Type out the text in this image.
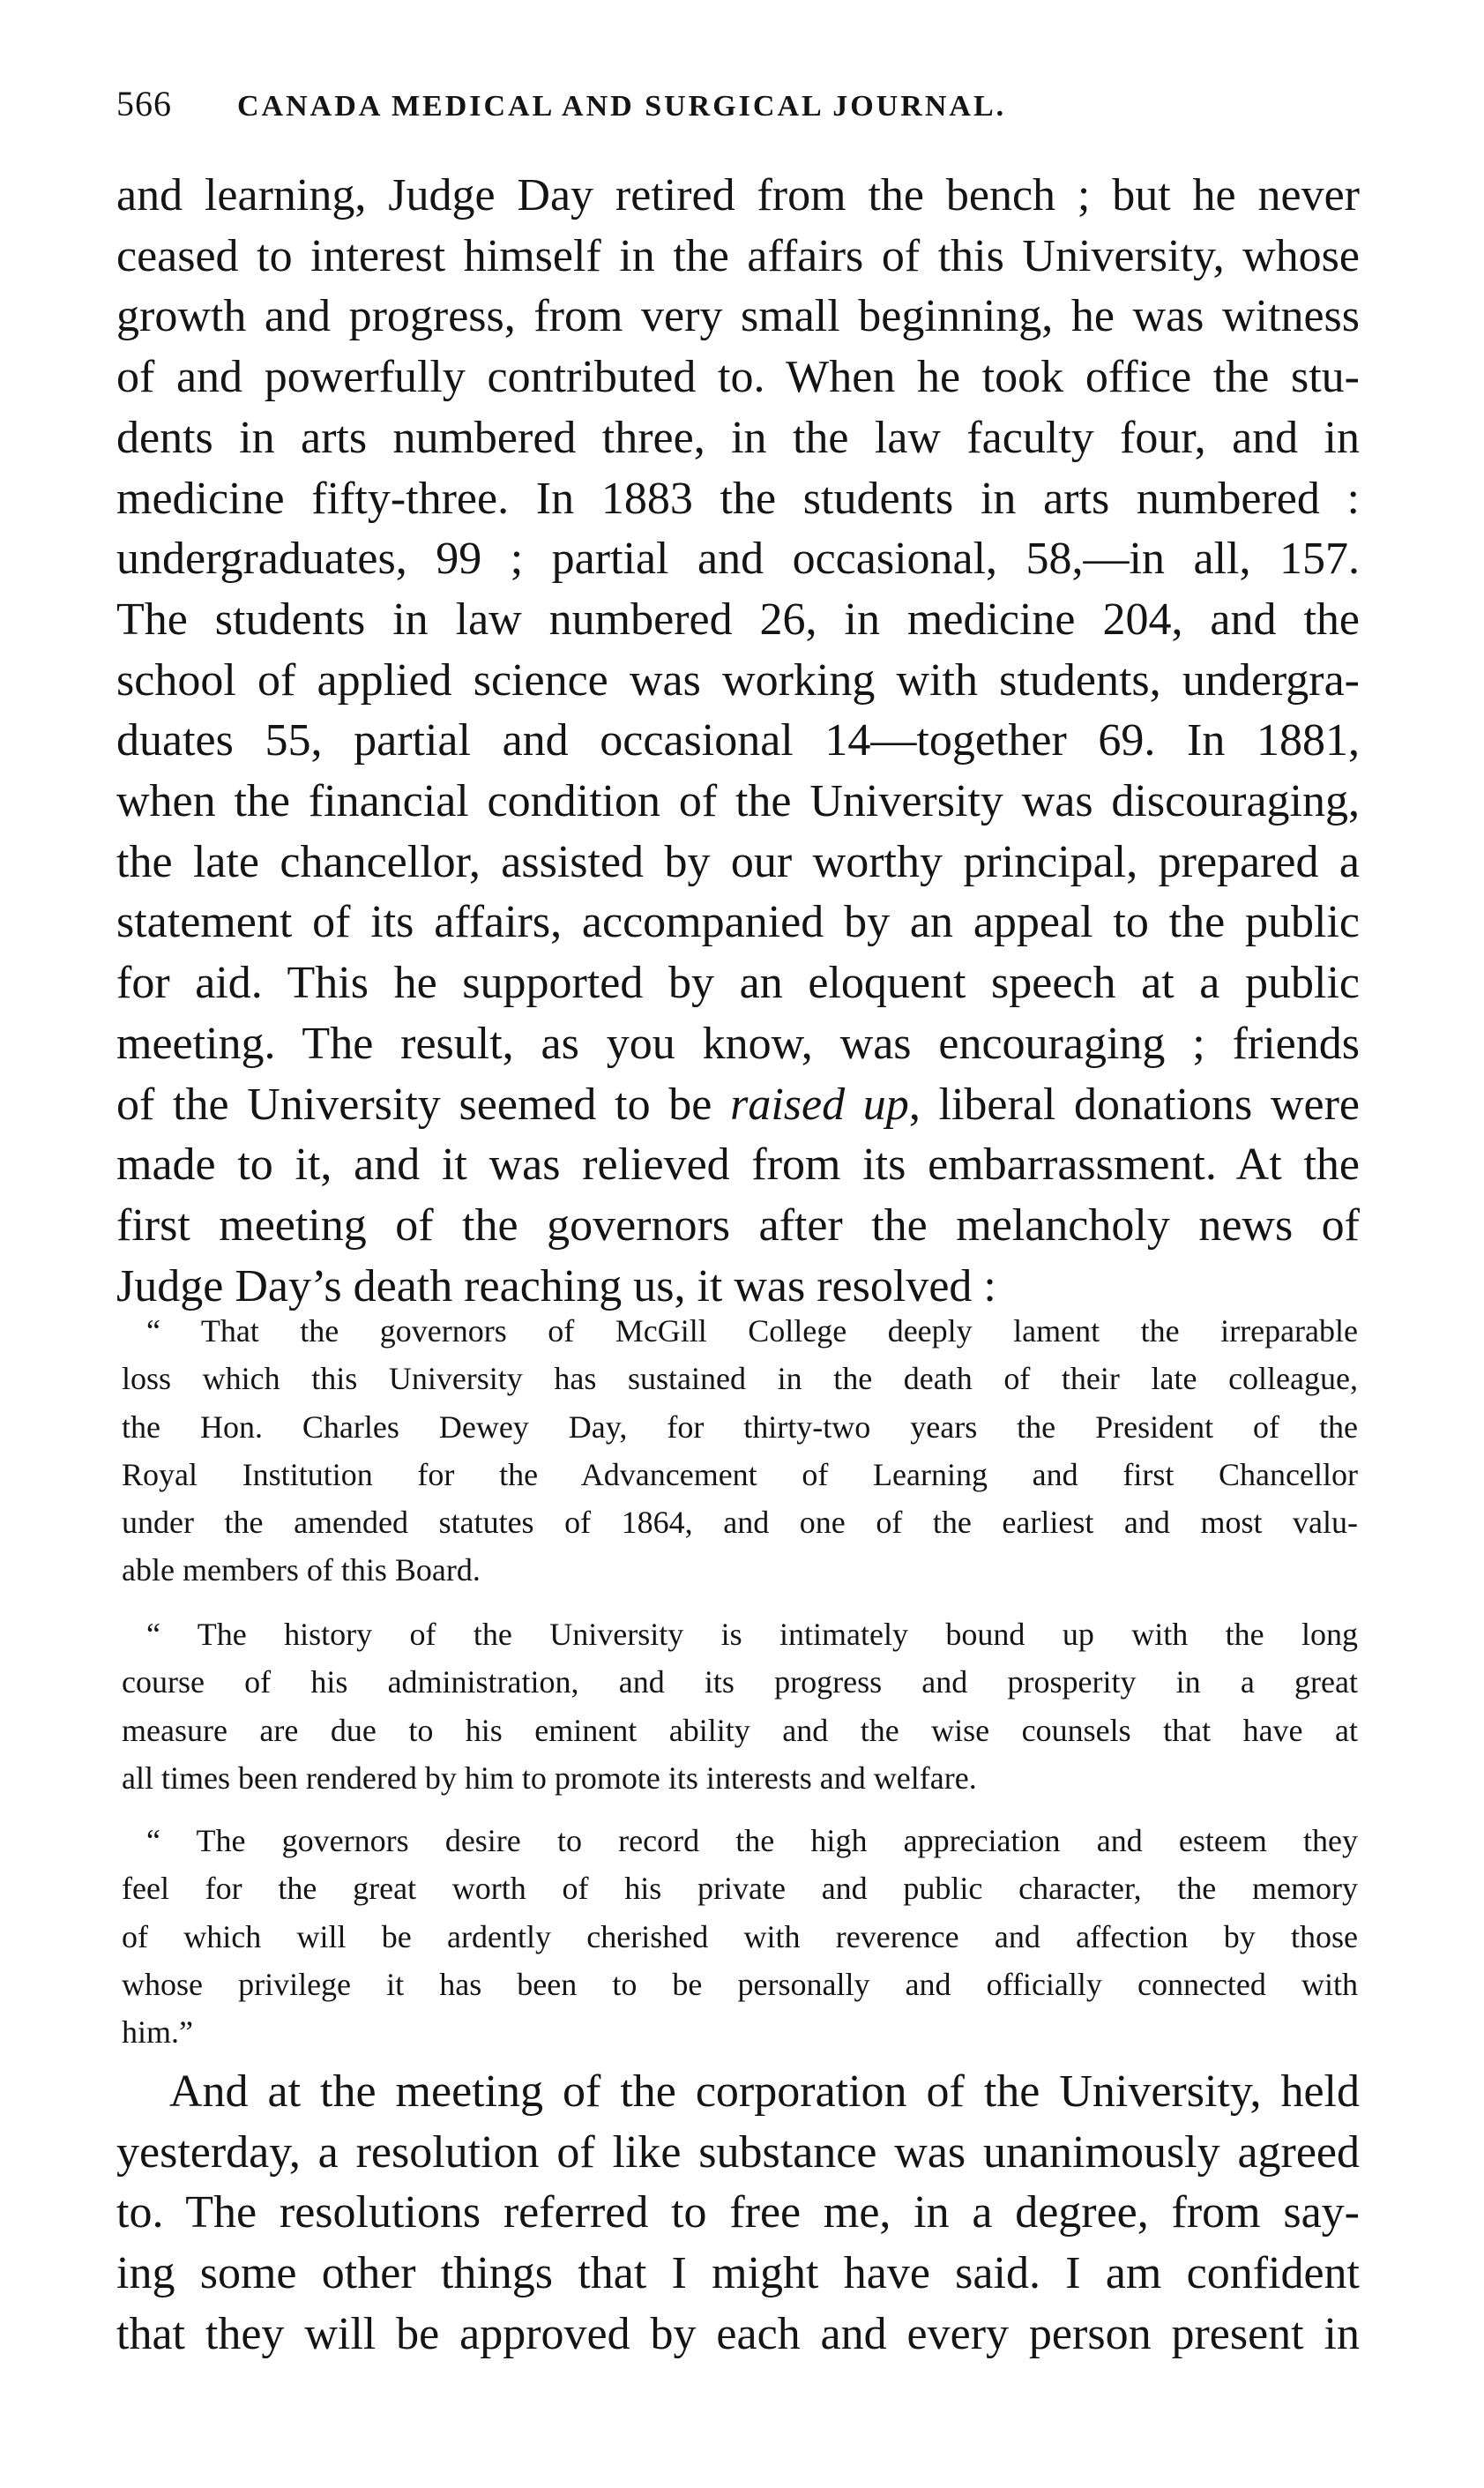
566 CANADA MEDICAL AND SURGICAL JOURNAL.
and learning, Judge Day retired from the bench ; but he never
ceased to interest himself in the affairs of this University, whose
growth and progress, from very small beginning, he was witness
of and powerfully contributed to. When he took office the stu-
dents in arts numbered three, in the law faculty four, and in
medicine fifty-three. In 1883 the students in arts numbered :
undergraduates, 99 ; partial and occasional, 58,—in all, 157.
The students in law numbered 26, in medicine 204, and the
school of applied science was working with students, undergra-
duates 55, partial and occasional 14—together 69. In 1881,
when the financial condition of the University was discouraging,
the late chancellor, assisted by our worthy principal, prepared a
statement of its affairs, accompanied by an appeal to the public
for aid. This he supported by an eloquent speech at a public
meeting. The result, as you know, was encouraging ; friends
of the University seemed to be raised up, liberal donations were
made to it, and it was relieved from its embarrassment. At the
first meeting of the governors after the melancholy news of
Judge Day’s death reaching us, it was resolved :
“ That the governors of McGill College deeply lament the irreparable
loss which this University has sustained in the death of their late colleague,
the Hon. Charles Dewey Day, for thirty-two years the President of the
Royal Institution for the Advancement of Learning and first Chancellor
under the amended statutes of 1864, and one of the earliest and most valu-
able members of this Board.
“ The history of the University is intimately bound up with the long
course of his administration, and its progress and prosperity in a great
measure are due to his eminent ability and the wise counsels that have at
all times been rendered by him to promote its interests and welfare.
“ The governors desire to record the high appreciation and esteem they
feel for the great worth of his private and public character, the memory
of which will be ardently cherished with reverence and affection by those
whose privilege it has been to be personally and officially connected with
him.”
And at the meeting of the corporation of the University, held
yesterday, a resolution of like substance was unanimously agreed
to. The resolutions referred to free me, in a degree, from say-
ing some other things that I might have said. I am confident
that they will be approved by each and every person present in
